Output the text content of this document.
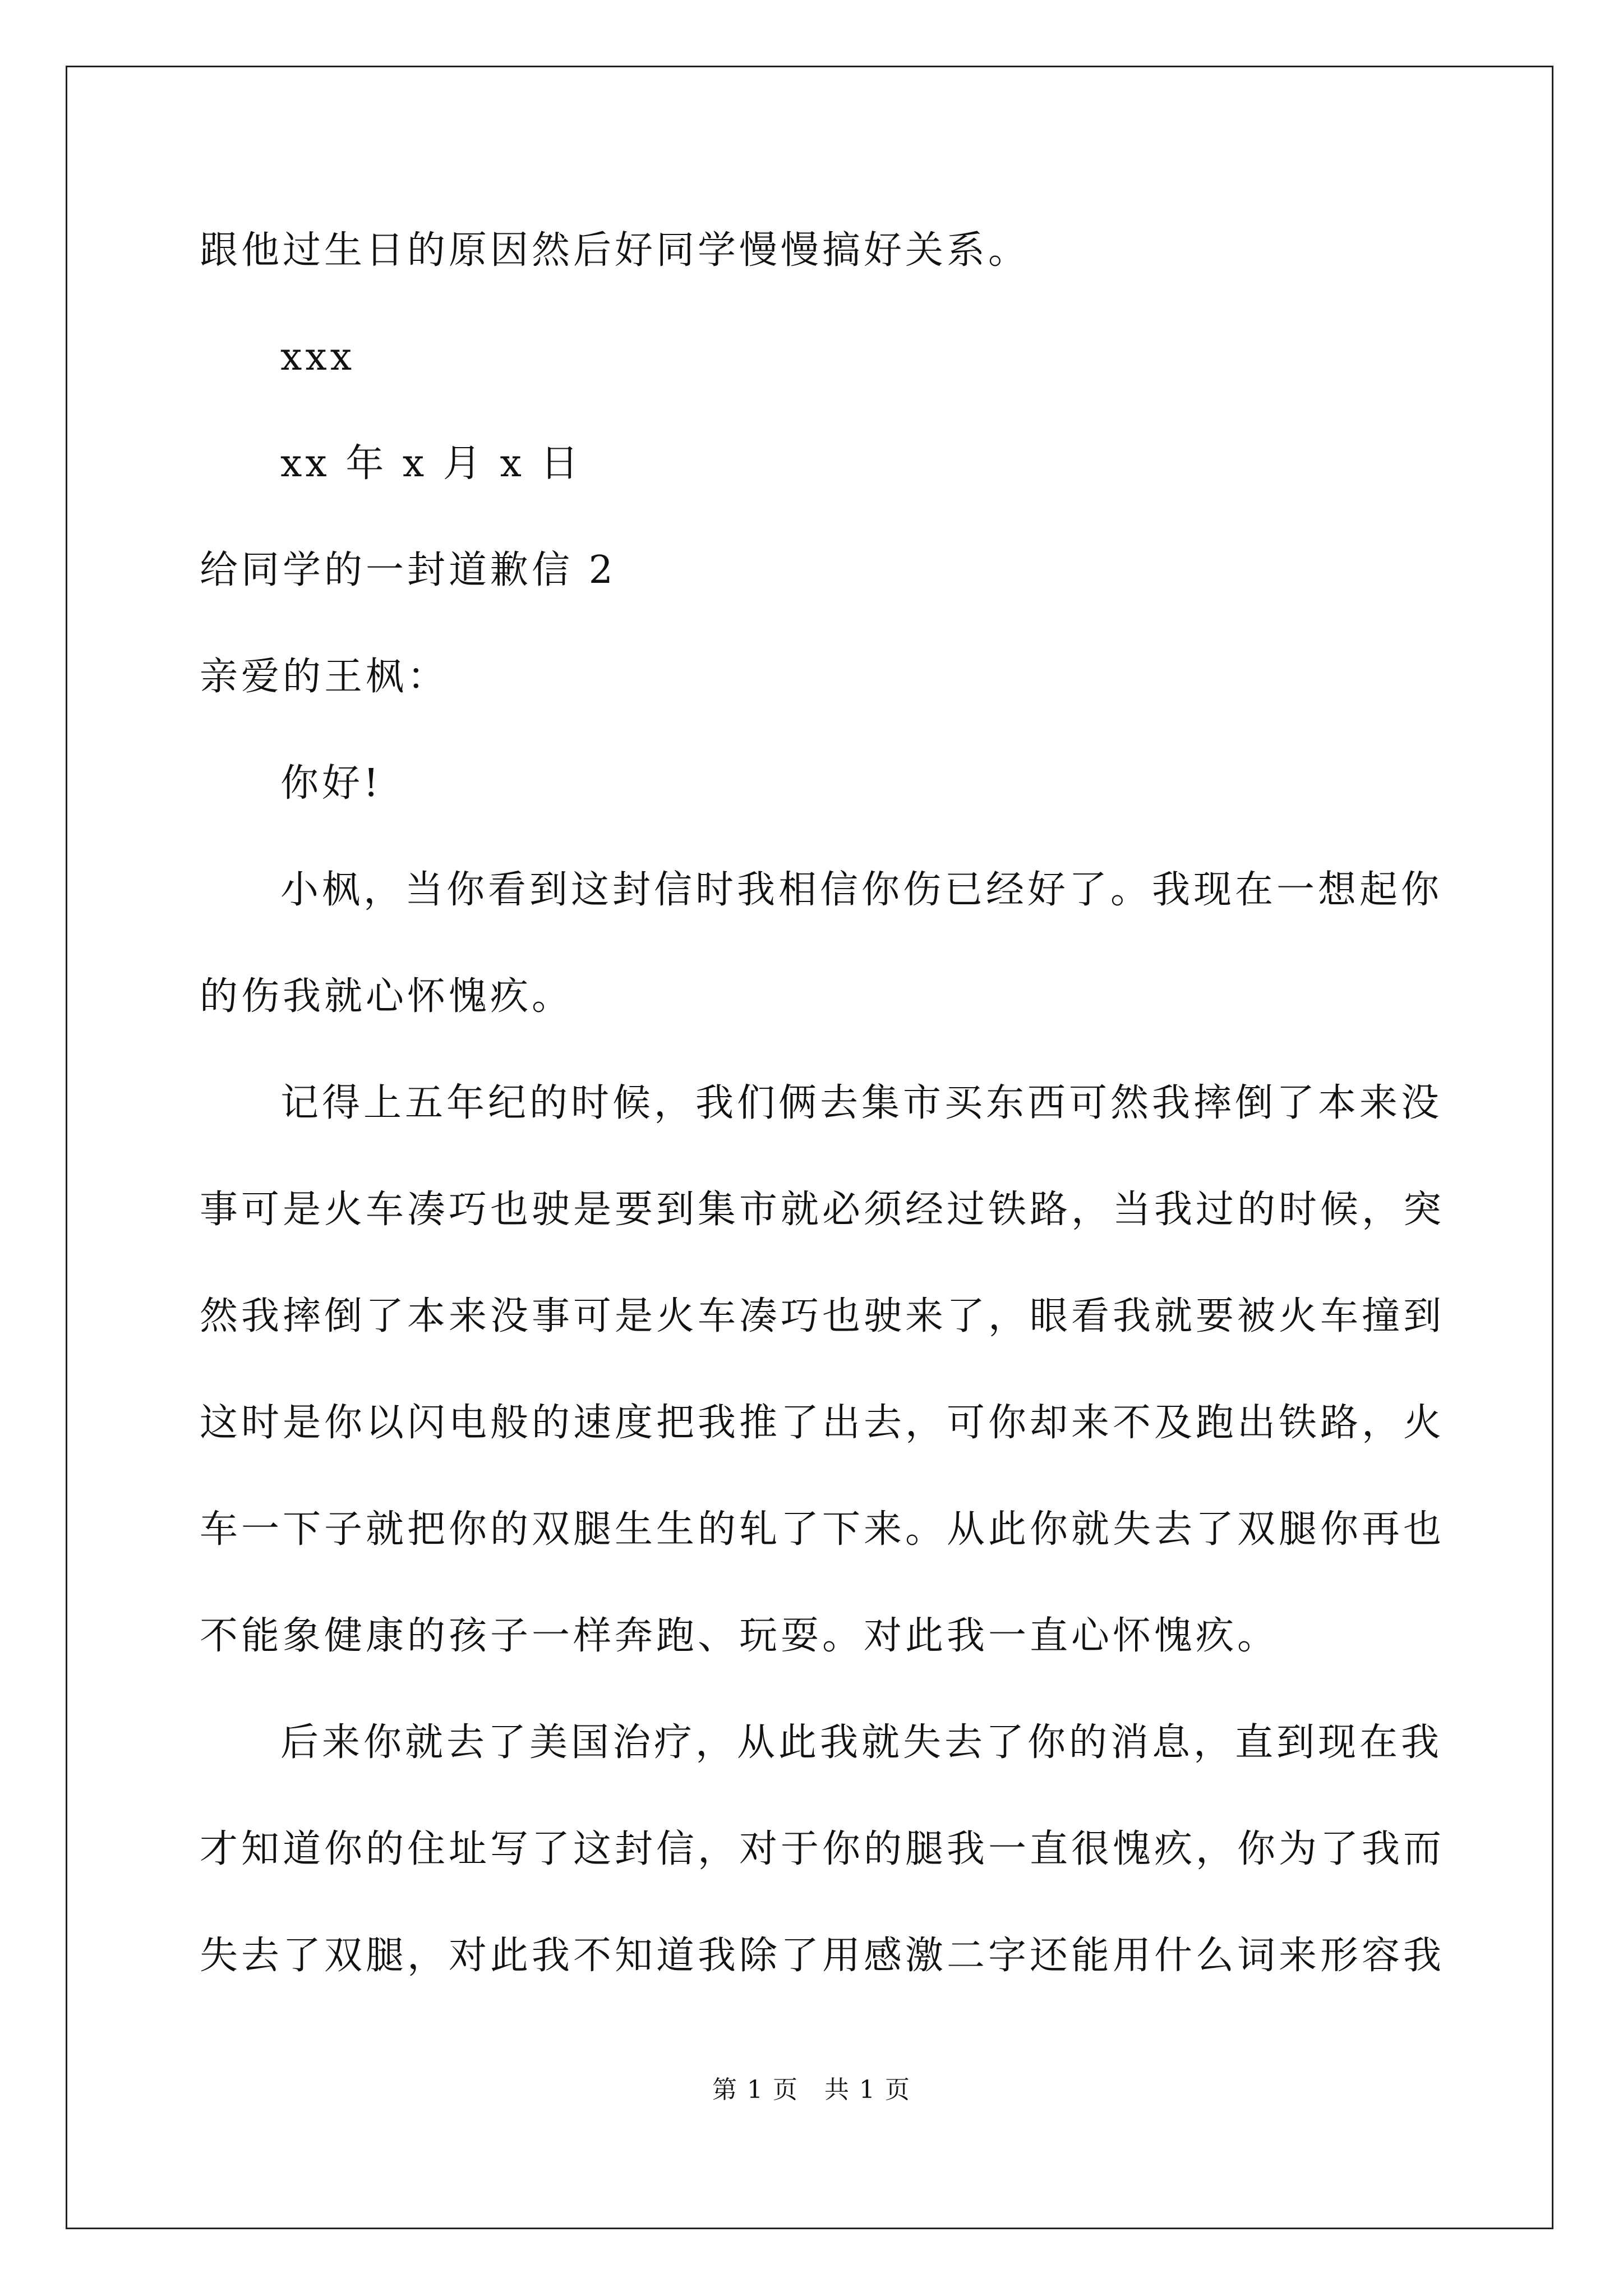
跟他过生日的原因然后好同学慢慢搞好关系。
xxx
xx 年 x 月 x 日
给同学的一封道歉信 2
亲爱的王枫：
你好!
小枫，当你看到这封信时我相信你伤已经好了。我现在一想起你
的伤我就心怀愧疚。
记得上五年纪的时候，我们俩去集市买东西可然我摔倒了本来没
事可是火车凑巧也驶是要到集市就必须经过铁路，当我过的时候，突
然我摔倒了本来没事可是火车凑巧也驶来了，眼看我就要被火车撞到
这时是你以闪电般的速度把我推了出去，可你却来不及跑出铁路，火
车一下子就把你的双腿生生的轧了下来。从此你就失去了双腿你再也
不能象健康的孩子一样奔跑、玩耍。对此我一直心怀愧疚。
后来你就去了美国治疗，从此我就失去了你的消息，直到现在我
才知道你的住址写了这封信，对于你的腿我一直很愧疚，你为了我而
失去了双腿，对此我不知道我除了用感激二字还能用什么词来形容我
第 1 页　共 1 页
